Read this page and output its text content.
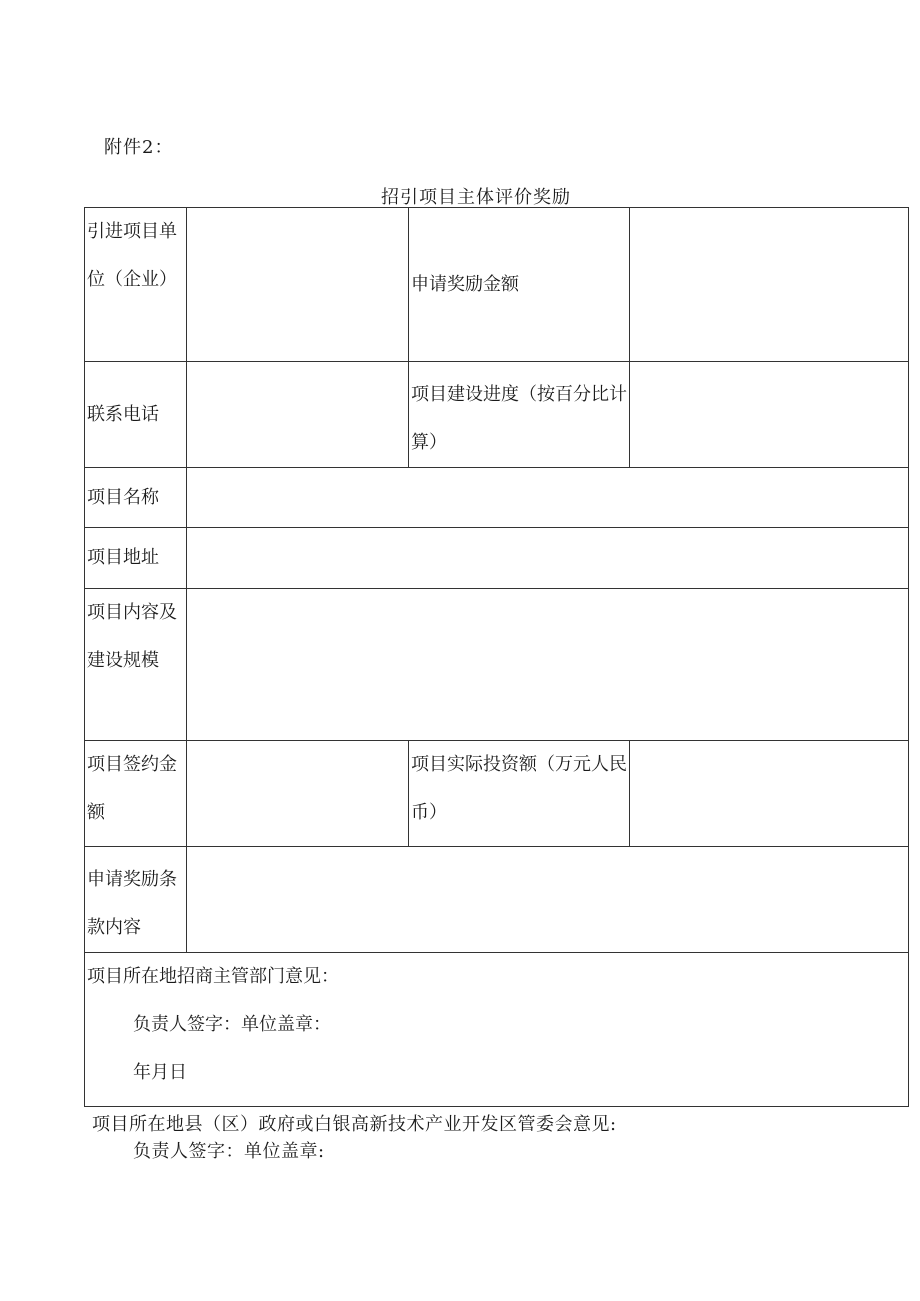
附件2：
招引项目主体评价奖励
引进项目单位（企业）		申请奖励金额	

联系电话		项目建设进度（按百分比计算）	

项目名称			

项目地址			

项目内容及建设规模			

项目签约金额		项目实际投资额（万元人民币）	

申请奖励条款内容			

项目所在地招商主管部门意见：
负责人签字：单位盖章：
年月日			
项目所在地县（区）政府或白银高新技术产业开发区管委会意见:
负责人签字：单位盖章:
